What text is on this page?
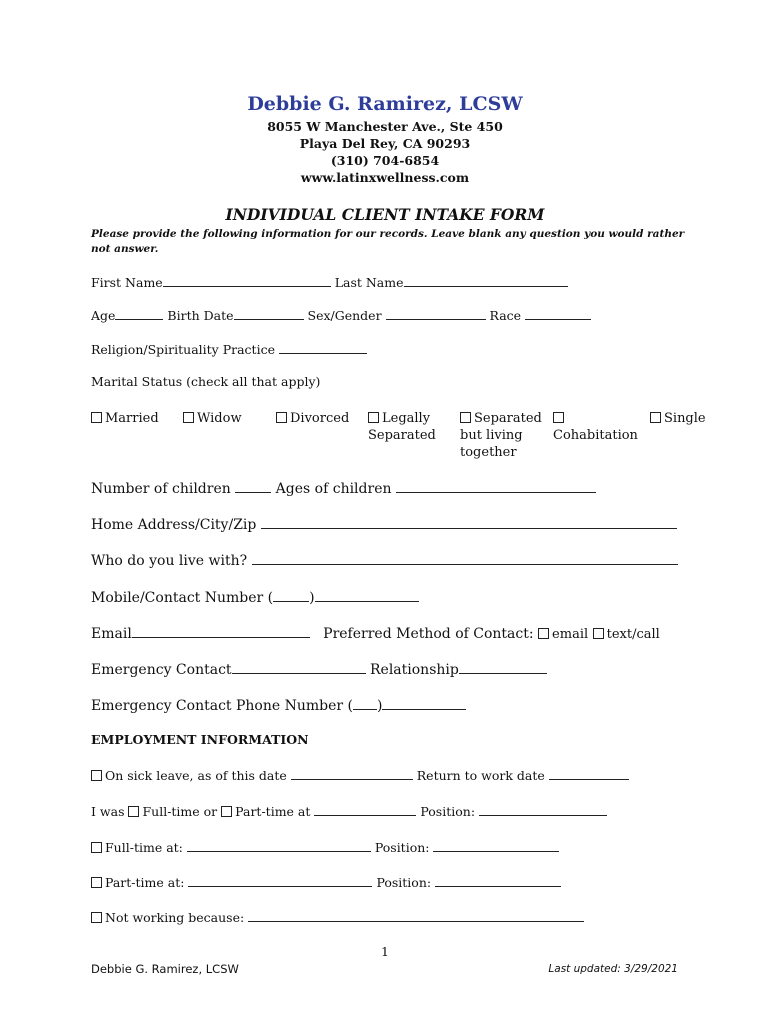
Debbie G. Ramirez, LCSW
8055 W Manchester Ave., Ste 450
Playa Del Rey, CA 90293
(310) 704-6854
www.latinxwellness.com
INDIVIDUAL CLIENT INTAKE FORM
Please provide the following information for our records. Leave blank any question you would rather not answer.
First Name	Last Name
Age	Birth Date	Sex/Gender	Race
Religion/Spirituality Practice
Marital Status (check all that apply)
Married	Widow	Divorced	Legally Separated
Separated but living together

Cohabitation
Single
Number of children	Ages of children
Home Address/City/Zip
Who do you live with?
Mobile/Contact Number (	)
Email	Preferred Method of Contact: email text/call
Emergency Contact	Relationship
Emergency Contact Phone Number ( )
EMPLOYMENT INFORMATION
On sick leave, as of this date	Return to work date
I was Full-time or Part-time at	Position:
Full-time at:	Position:
Part-time at:	Position:
Not working because:
1
Debbie G. Ramirez, LCSW	Last updated: 3/29/2021
